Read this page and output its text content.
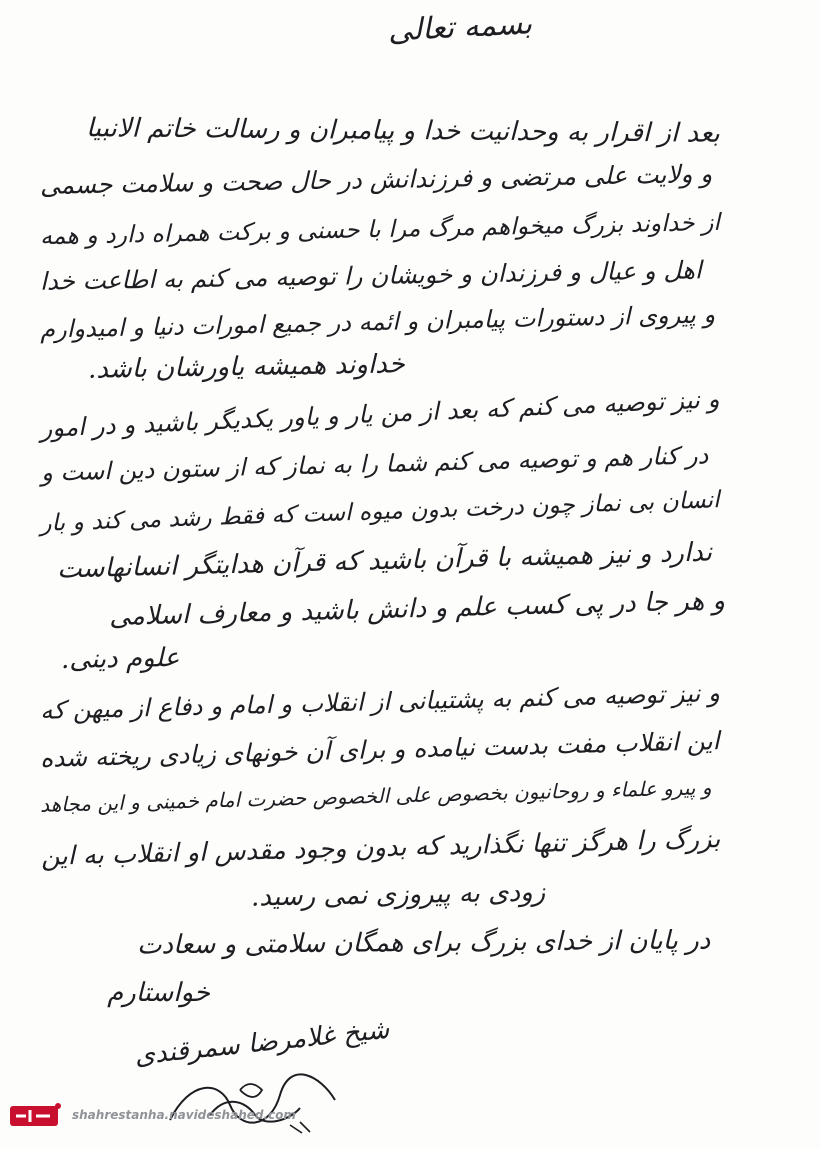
بسمه تعالی
بعد از اقرار به وحدانیت خدا و پیامبران و رسالت خاتم الانبیا
و ولایت علی مرتضی و فرزندانش در حال صحت و سلامت جسمی
از خداوند بزرگ میخواهم مرگ مرا با حسنی و برکت همراه دارد و همه
اهل و عیال و فرزندان و خویشان را توصیه می کنم به اطاعت خدا
و پیروی از دستورات پیامبران و ائمه در جمیع امورات دنیا و امیدوارم
خداوند همیشه یاورشان باشد.
و نیز توصیه می کنم که بعد از من یار و یاور یکدیگر باشید و در امور
در کنار هم و توصیه می کنم شما را به نماز که از ستون دین است و
انسان بی نماز چون درخت بدون میوه است که فقط رشد می کند و بار
ندارد و نیز همیشه با قرآن باشید که قرآن هدایتگر انسانهاست
و هر جا در پی کسب علم و دانش باشید و معارف اسلامی
علوم دینی.
و نیز توصیه می کنم به پشتیبانی از انقلاب و امام و دفاع از میهن که
این انقلاب مفت بدست نیامده و برای آن خونهای زیادی ریخته شده
و پیرو علماء و روحانیون بخصوص علی الخصوص حضرت امام خمینی و این مجاهد
بزرگ را هرگز تنها نگذارید که بدون وجود مقدس او انقلاب به این
زودی به پیروزی نمی رسید.
در پایان از خدای بزرگ برای همگان سلامتی و سعادت
خواستارم
شیخ غلامرضا سمرقندی
shahrestanha.navideshahed.com
